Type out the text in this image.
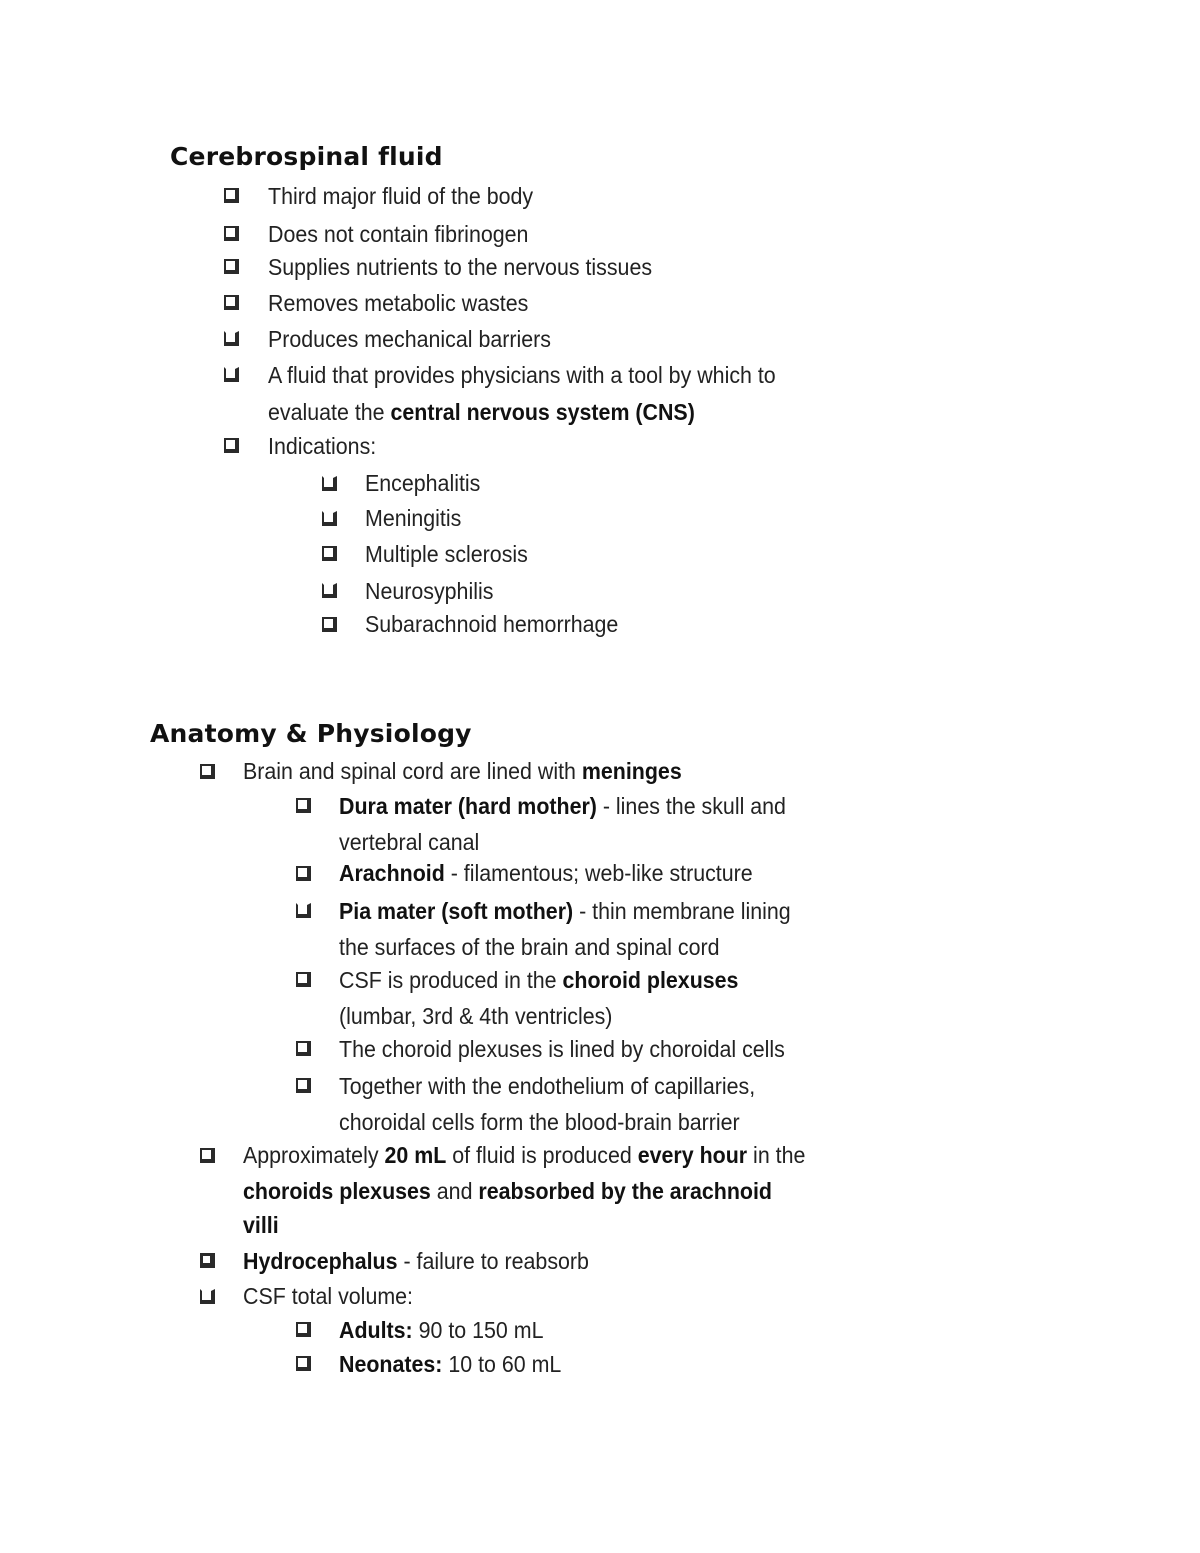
Cerebrospinal fluid
Third major fluid of the body
Does not contain fibrinogen
Supplies nutrients to the nervous tissues
Removes metabolic wastes
Produces mechanical barriers
A fluid that provides physicians with a tool by which to
evaluate the central nervous system (CNS)
Indications:
Encephalitis
Meningitis
Multiple sclerosis
Neurosyphilis
Subarachnoid hemorrhage
Anatomy & Physiology
Brain and spinal cord are lined with meninges
Dura mater (hard mother) - lines the skull and
vertebral canal
Arachnoid - filamentous; web-like structure
Pia mater (soft mother) - thin membrane lining
the surfaces of the brain and spinal cord
CSF is produced in the choroid plexuses
(lumbar, 3rd & 4th ventricles)
The choroid plexuses is lined by choroidal cells
Together with the endothelium of capillaries,
choroidal cells form the blood-brain barrier
Approximately 20 mL of fluid is produced every hour in the
choroids plexuses and reabsorbed by the arachnoid
villi
Hydrocephalus - failure to reabsorb
CSF total volume:
Adults: 90 to 150 mL
Neonates: 10 to 60 mL
